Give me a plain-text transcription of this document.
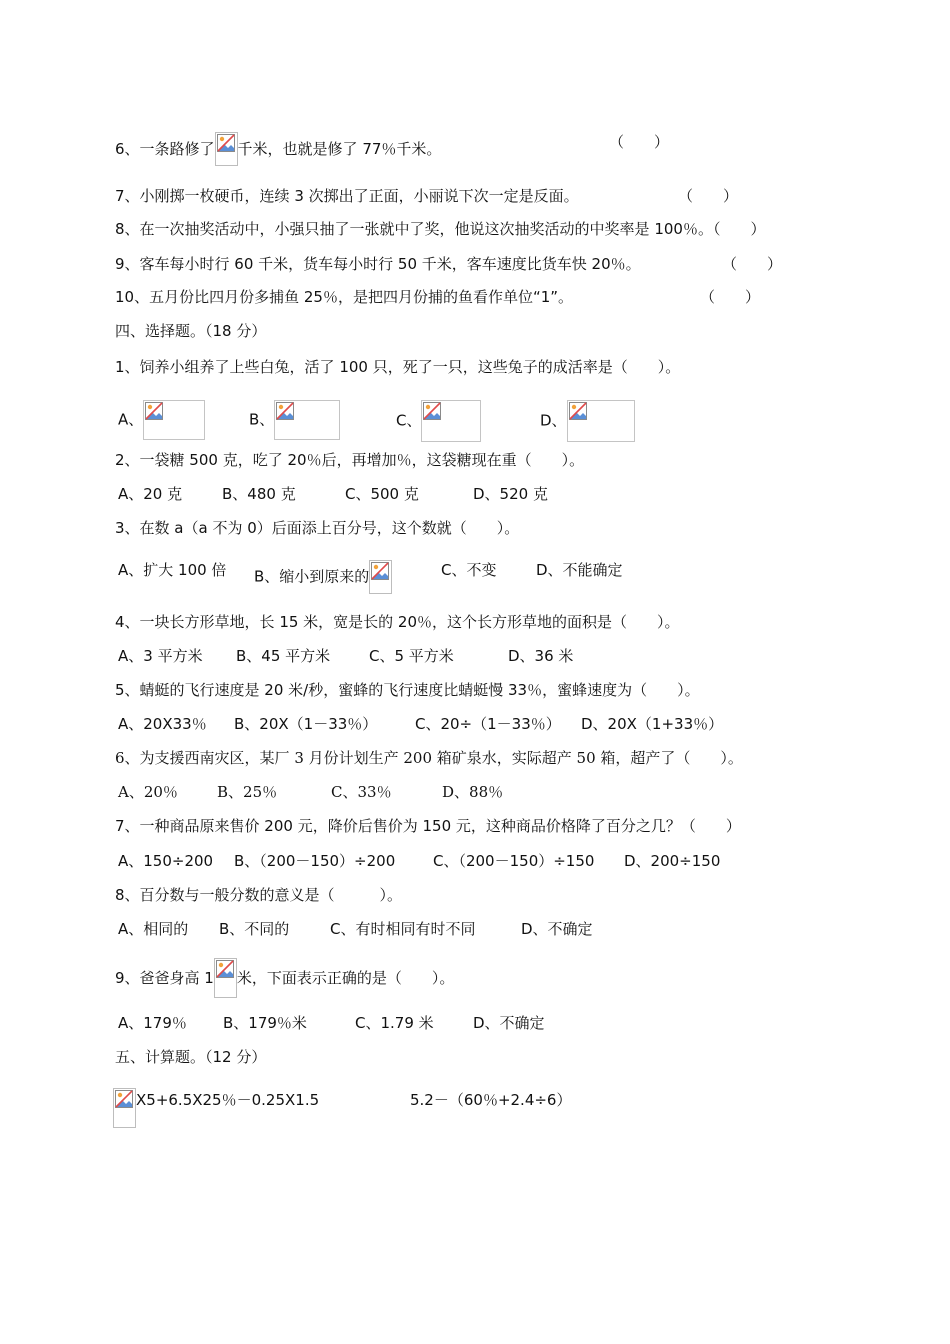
6、一条路修了 千米，也就是修了 77％千米。	（　　）
7、小刚掷一枚硬币，连续 3 次掷出了正面，小丽说下次一定是反面。	（　　）
8、在一次抽奖活动中，小强只抽了一张就中了奖，他说这次抽奖活动的中奖率是 100％。（　　）
9、客车每小时行 60 千米，货车每小时行 50 千米，客车速度比货车快 20％。	（　　）
10、五月份比四月份多捕鱼 25％，是把四月份捕的鱼看作单位“1”。	（　　）
四、选择题。（18 分）
1、饲养小组养了上些白兔，活了 100 只，死了一只，这些兔子的成活率是（　　）。
A、	B、	C、	D、
2、一袋糖 500 克，吃了 20％后，再增加％，这袋糖现在重（　　）。
A、20 克	B、480 克	C、500 克	D、520 克
3、在数 a（a 不为 0）后面添上百分号，这个数就（　　）。
A、扩大 100 倍 B、缩小到原来的	C、不变	D、不能确定
4、一块长方形草地，长 15 米，宽是长的 20％，这个长方形草地的面积是（　　）。
A、3 平方米 B、45 平方米	C、5 平方米	D、36 米
5、蜻蜓的飞行速度是 20 米/秒，蜜蜂的飞行速度比蜻蜓慢 33％，蜜蜂速度为（　　）。
A、20X33％ B、20X（1－33％）	C、20÷（1－33％） D、20X（1+33％）
6、为支援西南灾区，某厂 3 月份计划生产 200 箱矿泉水，实际超产 50 箱，超产了（　　）。
A、20％	B、25％	C、33％	D、88％
7、一种商品原来售价 200 元，降价后售价为 150 元，这种商品价格降了百分之几？（　　）
A、150÷200 B、（200－150）÷200	C、（200－150）÷150 D、200÷150
8、百分数与一般分数的意义是（　　　）。
A、相同的 B、不同的	C、有时相同有时不同	D、不确定
9、爸爸身高 1 米，下面表示正确的是（　　）。
A、179％ B、179％米	C、1.79 米	D、不确定
五、计算题。（12 分）
X5+6.5X25％－0.25X1.5	5.2－（60％+2.4÷6）
